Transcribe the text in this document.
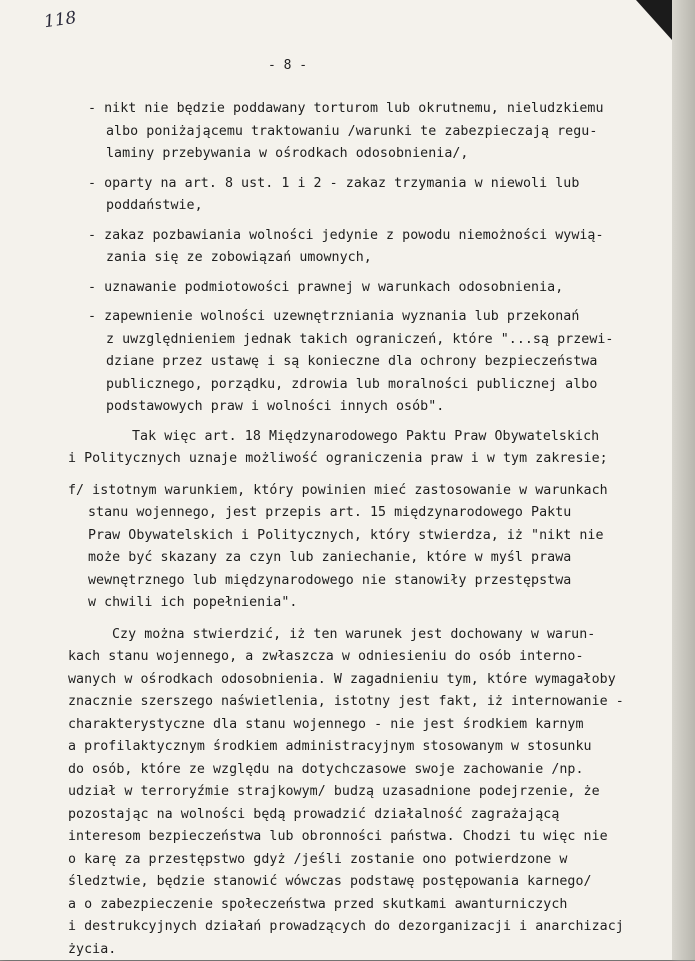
118
- 8 -
- nikt nie będzie poddawany torturom lub okrutnemu, nieludzkiemu
albo poniżającemu traktowaniu /warunki te zabezpieczają regu-
laminy przebywania w ośrodkach odosobnienia/,
- oparty na art. 8 ust. 1 i 2 - zakaz trzymania w niewoli lub
poddaństwie,
- zakaz pozbawiania wolności jedynie z powodu niemożności wywią-
zania się ze zobowiązań umownych,
- uznawanie podmiotowości prawnej w warunkach odosobnienia,
- zapewnienie wolności uzewnętrzniania wyznania lub przekonań
z uwzględnieniem jednak takich ograniczeń, które "...są przewi-
dziane przez ustawę i są konieczne dla ochrony bezpieczeństwa
publicznego, porządku, zdrowia lub moralności publicznej albo
podstawowych praw i wolności innych osób".
Tak więc art. 18 Międzynarodowego Paktu Praw Obywatelskich
i Politycznych uznaje możliwość ograniczenia praw i w tym zakresie;
f/ istotnym warunkiem, który powinien mieć zastosowanie w warunkach
stanu wojennego, jest przepis art. 15 międzynarodowego Paktu
Praw Obywatelskich i Politycznych, który stwierdza, iż "nikt nie
może być skazany za czyn lub zaniechanie, które w myśl prawa
wewnętrznego lub międzynarodowego nie stanowiły przestępstwa
w chwili ich popełnienia".
Czy można stwierdzić, iż ten warunek jest dochowany w warun-
kach stanu wojennego, a zwłaszcza w odniesieniu do osób interno-
wanych w ośrodkach odosobnienia. W zagadnieniu tym, które wymagałoby
znacznie szerszego naświetlenia, istotny jest fakt, iż internowanie -
charakterystyczne dla stanu wojennego - nie jest środkiem karnym
a profilaktycznym środkiem administracyjnym stosowanym w stosunku
do osób, które ze względu na dotychczasowe swoje zachowanie /np.
udział w terroryźmie strajkowym/ budzą uzasadnione podejrzenie, że
pozostając na wolności będą prowadzić działalność zagrażającą
interesom bezpieczeństwa lub obronności państwa. Chodzi tu więc nie
o karę za przestępstwo gdyż /jeśli zostanie ono potwierdzone w
śledztwie, będzie stanowić wówczas podstawę postępowania karnego/
a o zabezpieczenie społeczeństwa przed skutkami awanturniczych
i destrukcyjnych działań prowadzących do dezorganizacji i anarchizacj
życia.
